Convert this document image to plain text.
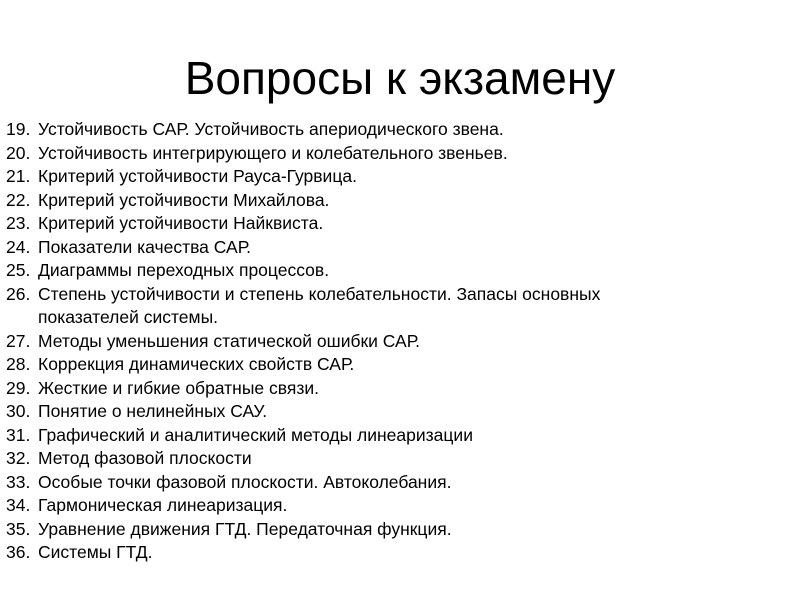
Вопросы к экзамену
19. Устойчивость САР. Устойчивость апериодического звена.
20. Устойчивость интегрирующего и колебательного звеньев.
21. Критерий устойчивости Рауса-Гурвица.
22. Критерий устойчивости Михайлова.
23. Критерий устойчивости Найквиста.
24. Показатели качества САР.
25. Диаграммы переходных процессов.
26. Степень устойчивости и степень колебательности. Запасы основных показателей системы.
27. Методы уменьшения статической ошибки САР.
28. Коррекция динамических свойств САР.
29. Жесткие и гибкие обратные связи.
30. Понятие о нелинейных САУ.
31. Графический и аналитический методы линеаризации
32. Метод фазовой плоскости
33. Особые точки фазовой плоскости. Автоколебания.
34. Гармоническая линеаризация.
35. Уравнение движения ГТД. Передаточная функция.
36. Системы ГТД.
